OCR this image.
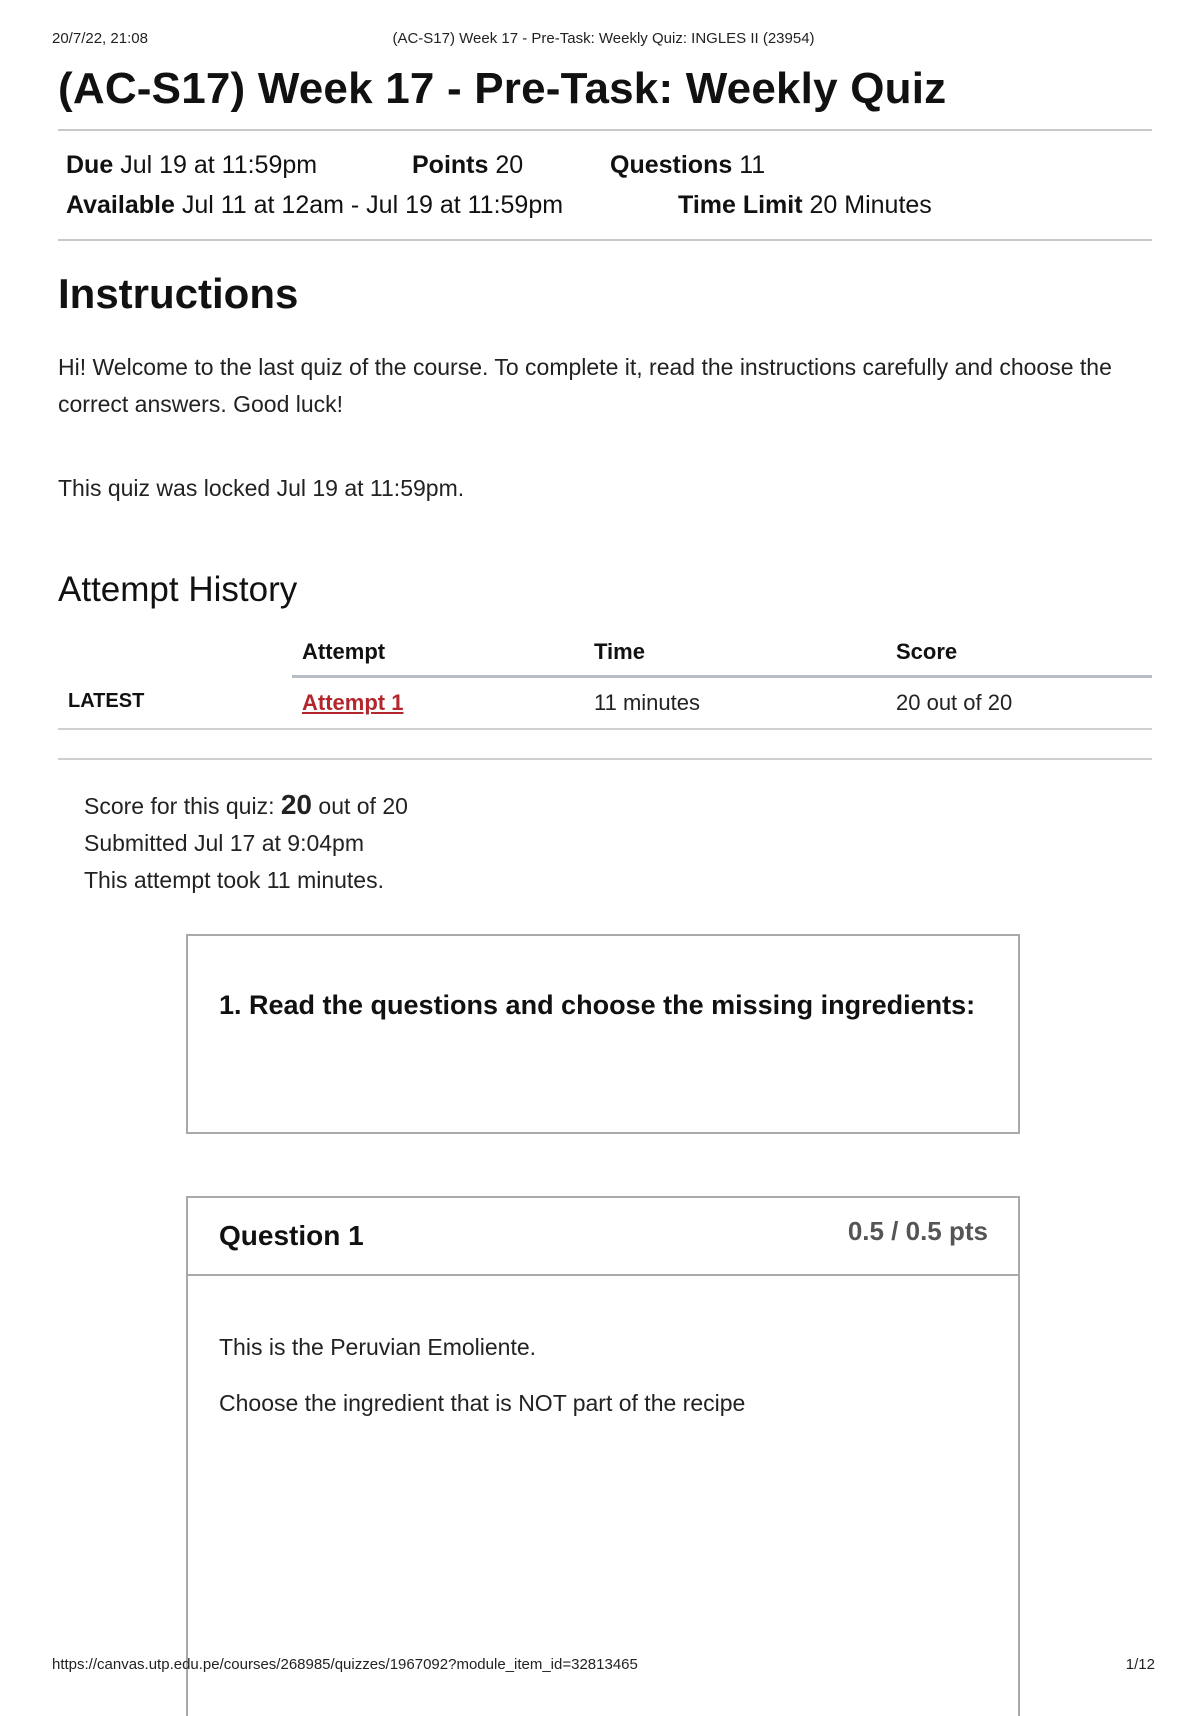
20/7/22, 21:08	(AC-S17) Week 17 - Pre-Task: Weekly Quiz: INGLES II (23954)
(AC-S17) Week 17 - Pre-Task: Weekly Quiz
Due Jul 19 at 11:59pm	Points 20	Questions 11
Available Jul 11 at 12am - Jul 19 at 11:59pm	Time Limit 20 Minutes
Instructions

Hi! Welcome to the last quiz of the course. To complete it, read the instructions carefully and choose the correct answers. Good luck!

This quiz was locked Jul 19 at 11:59pm.

Attempt History
	Attempt	Time	Score
LATEST	Attempt 1	11 minutes	20 out of 20
Score for this quiz: 20 out of 20
Submitted Jul 17 at 9:04pm
This attempt took 11 minutes.

1. Read the questions and choose the missing ingredients:

Question 1	0.5 / 0.5 pts

This is the Peruvian Emoliente.

Choose the ingredient that is NOT part of the recipe

https://canvas.utp.edu.pe/courses/268985/quizzes/1967092?module_item_id=32813465	1/12
